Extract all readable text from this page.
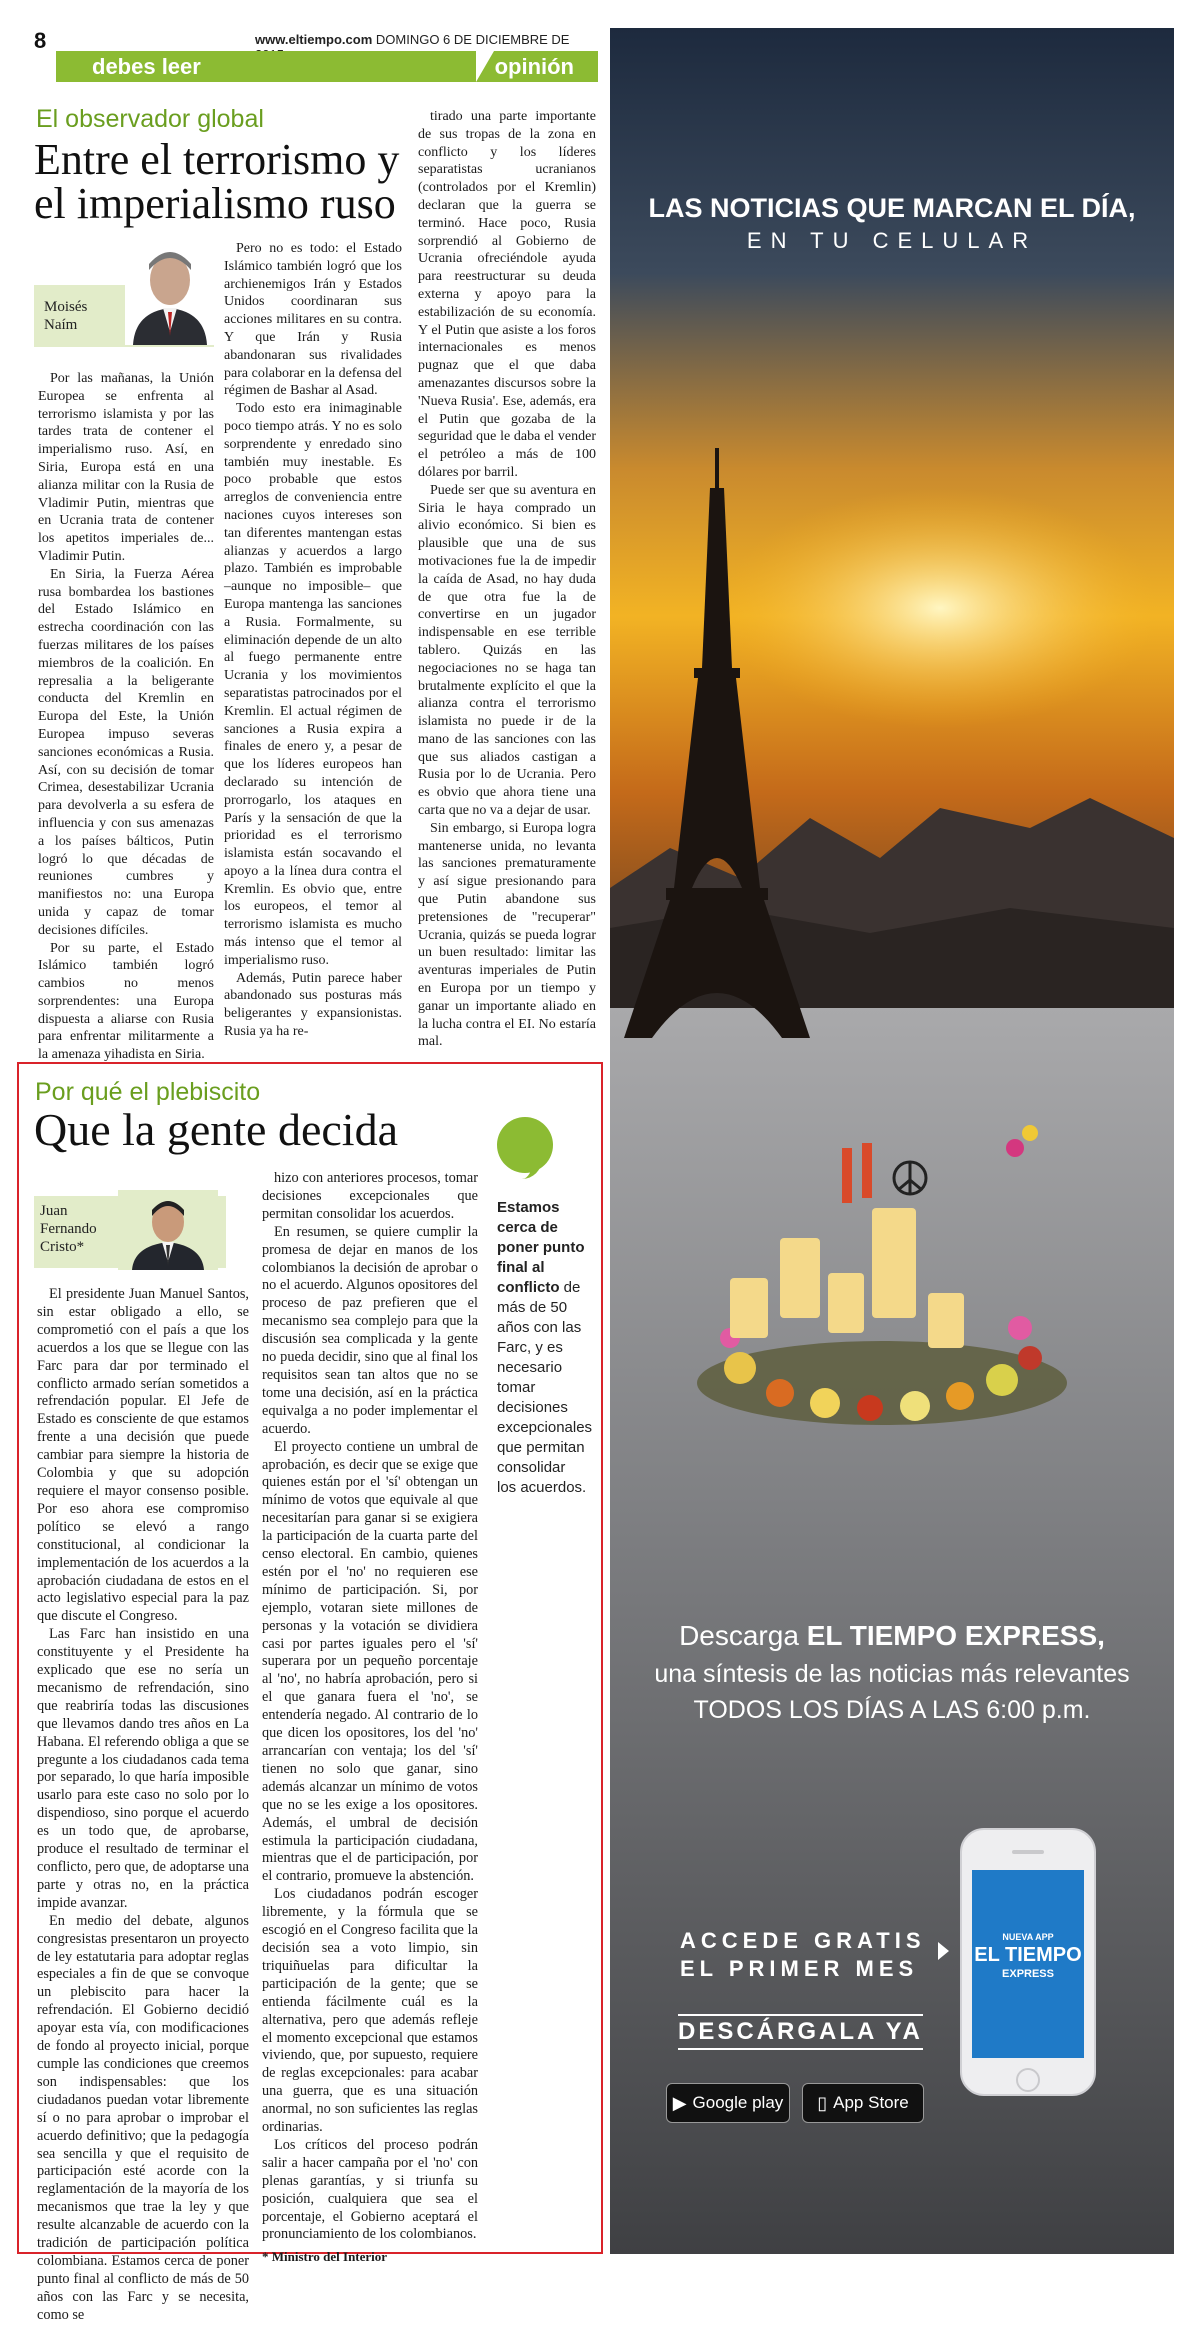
8	www.eltiempo.com DOMINGO 6 DE DICIEMBRE DE
debes leer	opinión
El observador global
Entre el terrorismo y
el imperialismo ruso
Moisés
Naím

Por las mañanas, la Unión Europea se enfrenta al terrorismo islamista y por las tardes trata de contener el imperialismo ruso. Así, en Siria, Europa está en una alianza militar con la Rusia de Vladimir Putin, mientras que en Ucrania trata de contener los apetitos imperiales de... Vladimir Putin.

En Siria, la Fuerza Aérea rusa bombardea los bastiones del Estado Islámico en estrecha coordinación con las fuerzas militares de los países miembros de la coalición. En represalia a la beligerante conducta del Kremlin en Europa del Este, la Unión Europea impuso severas sanciones económicas a Rusia. Así, con su decisión de tomar Crimea, desestabilizar Ucrania para devolverla a su esfera de influencia y con sus amenazas a los países bálticos, Putin logró lo que décadas de reuniones cumbres y manifiestos no: una Europa unida y capaz de tomar decisiones difíciles.

Por su parte, el Estado Islámico también logró cambios no menos sorprendentes: una Europa dispuesta a aliarse con Rusia para enfrentar militarmente a la amenaza yihadista en Siria.

Pero no es todo: el Estado Islámico también logró que los archienemigos Irán y Estados Unidos coordinaran sus acciones militares en su contra. Y que Irán y Rusia abandonaran sus rivalidades para colaborar en la defensa del régimen de Bashar al Asad.

Todo esto era inimaginable poco tiempo atrás. Y no es solo sorprendente y enredado sino también muy inestable. Es poco probable que estos arreglos de conveniencia entre naciones cuyos intereses son tan diferentes mantengan estas alianzas y acuerdos a largo plazo. También es improbable –aunque no imposible– que Europa mantenga las sanciones a Rusia. Formalmente, su eliminación depende de un alto al fuego permanente entre Ucrania y los movimientos separatistas patrocinados por el Kremlin. El actual régimen de sanciones a Rusia expira a finales de enero y, a pesar de que los líderes europeos han declarado su intención de prorrogarlo, los ataques en París y la sensación de que la prioridad es el terrorismo islamista están socavando el apoyo a la línea dura contra el Kremlin. Es obvio que, entre los europeos, el temor al terrorismo islamista es mucho más intenso que el temor al imperialismo ruso.

Además, Putin parece haber abandonado sus posturas más beligerantes y expansionistas. Rusia ya ha re-

tirado una parte importante de sus tropas de la zona en conflicto y los líderes separatistas ucranianos (controlados por el Kremlin) declaran que la guerra se terminó. Hace poco, Rusia sorprendió al Gobierno de Ucrania ofreciéndole ayuda para reestructurar su deuda externa y apoyo para la estabilización de su economía. Y el Putin que asiste a los foros internacionales es menos pugnaz que el que daba amenazantes discursos sobre la 'Nueva Rusia'. Ese, además, era el Putin que gozaba de la seguridad que le daba el vender el petróleo a más de 100 dólares por barril.

Puede ser que su aventura en Siria le haya comprado un alivio económico. Si bien es plausible que una de sus motivaciones fue la de impedir la caída de Asad, no hay duda de que otra fue la de convertirse en un jugador indispensable en ese terrible tablero. Quizás en las negociaciones no se haga tan brutalmente explícito el que la alianza contra el terrorismo islamista no puede ir de la mano de las sanciones con las que sus aliados castigan a Rusia por lo de Ucrania. Pero es obvio que ahora tiene una carta que no va a dejar de usar.

Sin embargo, si Europa logra mantenerse unida, no levanta las sanciones prematuramente y así sigue presionando para que Putin abandone sus pretensiones de "recuperar" Ucrania, quizás se pueda lograr un buen resultado: limitar las aventuras imperiales de Putin en Europa por un tiempo y ganar un importante aliado en la lucha contra el EI. No estaría mal.

Por qué el plebiscito
Que la gente decida
Juan
Fernando
Cristo*
Estamos cerca de poner punto final al conflicto de más de 50 años con las Farc, y es necesario tomar decisiones excepcionales que permitan consolidar los acuerdos.

El presidente Juan Manuel Santos, sin estar obligado a ello, se comprometió con el país a que los acuerdos a los que se llegue con las Farc para dar por terminado el conflicto armado serían sometidos a refrendación popular. El Jefe de Estado es consciente de que estamos frente a una decisión que puede cambiar para siempre la historia de Colombia y que su adopción requiere el mayor consenso posible. Por eso ahora ese compromiso político se elevó a rango constitucional, al condicionar la implementación de los acuerdos a la aprobación ciudadana de estos en el acto legislativo especial para la paz que discute el Congreso.

Las Farc han insistido en una constituyente y el Presidente ha explicado que ese no sería un mecanismo de refrendación, sino que reabriría todas las discusiones que llevamos dando tres años en La Habana. El referendo obliga a que se pregunte a los ciudadanos cada tema por separado, lo que haría imposible usarlo para este caso no solo por lo dispendioso, sino porque el acuerdo es un todo que, de aprobarse, produce el resultado de terminar el conflicto, pero que, de adoptarse una parte y otras no, en la práctica impide avanzar.

En medio del debate, algunos congresistas presentaron un proyecto de ley estatutaria para adoptar reglas especiales a fin de que se convoque un plebiscito para hacer la refrendación. El Gobierno decidió apoyar esta vía, con modificaciones de fondo al proyecto inicial, porque cumple las condiciones que creemos son indispensables: que los ciudadanos puedan votar libremente sí o no para aprobar o improbar el acuerdo definitivo; que la pedagogía sea sencilla y que el requisito de participación esté acorde con la reglamentación de la mayoría de los mecanismos que trae la ley y que resulte alcanzable de acuerdo con la tradición de participación política colombiana. Estamos cerca de poner punto final al conflicto de más de 50 años con las Farc y se necesita, como se

hizo con anteriores procesos, tomar decisiones excepcionales que permitan consolidar los acuerdos.

En resumen, se quiere cumplir la promesa de dejar en manos de los colombianos la decisión de aprobar o no el acuerdo. Algunos opositores del proceso de paz prefieren que el mecanismo sea complejo para que la discusión sea complicada y la gente no pueda decidir, sino que al final los requisitos sean tan altos que no se tome una decisión, así en la práctica equivalga a no poder implementar el acuerdo.

El proyecto contiene un umbral de aprobación, es decir que se exige que quienes están por el 'sí' obtengan un mínimo de votos que equivale al que necesitarían para ganar si se exigiera la participación de la cuarta parte del censo electoral. En cambio, quienes estén por el 'no' no requieren ese mínimo de participación. Si, por ejemplo, votaran siete millones de personas y la votación se dividiera casi por partes iguales pero el 'sí' superara por un pequeño porcentaje al 'no', no habría aprobación, pero si el que ganara fuera el 'no', se entendería negado. Al contrario de lo que dicen los opositores, los del 'no' arrancarían con ventaja; los del 'sí' tienen no solo que ganar, sino además alcanzar un mínimo de votos que no se les exige a los opositores. Además, el umbral de decisión estimula la participación ciudadana, mientras que el de participación, por el contrario, promueve la abstención.

Los ciudadanos podrán escoger libremente, y la fórmula que se escogió en el Congreso facilita que la decisión sea a voto limpio, sin triquiñuelas para dificultar la participación de la gente; que se entienda fácilmente cuál es la alternativa, pero que además refleje el momento excepcional que estamos viviendo, que, por supuesto, requiere de reglas excepcionales: para acabar una guerra, que es una situación anormal, no son suficientes las reglas ordinarias.

Los críticos del proceso podrán salir a hacer campaña por el 'no' con plenas garantías, y si triunfa su posición, cualquiera que sea el porcentaje, el Gobierno aceptará el pronunciamiento de los colombianos.

* Ministro del Interior

LAS NOTICIAS QUE MARCAN EL DÍA,
EN TU CELULAR
Descarga EL TIEMPO EXPRESS,
una síntesis de las noticias más relevantes
TODOS LOS DÍAS A LAS 6:00 p.m.
ACCEDE GRATIS
EL PRIMER MES
DESCÁRGALA YA
▶ Google play ▯ App Store
NUEVA APP
EL TIEMPO
EXPRESS
